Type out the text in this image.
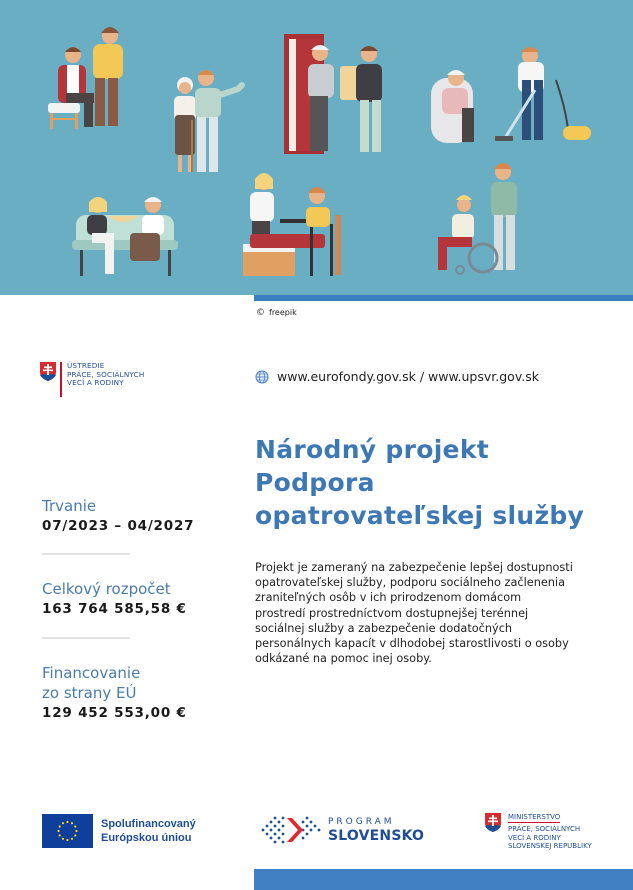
© freepik
ÚSTREDIE
PRÁCE, SOCIÁLNYCH
VECÍ A RODINY	www.eurofondy.gov.sk / www.upsvr.gov.sk
Národný projekt
Podpora
opatrovateľskej služby
Projekt je zameraný na zabezpečenie lepšej dostupnosti opatrovateľskej služby, podporu sociálneho začlenenia zraniteľných osôb v ich prirodzenom domácom prostredí prostredníctvom dostupnejšej terénnej sociálnej služby a zabezpečenie dodatočných personálnych kapacít v dlhodobej starostlivosti o osoby odkázané na pomoc inej osoby.
Trvanie
07/2023 – 04/2027
Celkový rozpočet
163 764 585,58 €
Financovanie
zo strany EÚ
129 452 553,00 €
Spolufinancovaný
Európskou úniou
PROGRAM
SLOVENSKO
MINISTERSTVO
PRÁCE, SOCIÁLNYCH
VECÍ A RODINY
SLOVENSKEJ REPUBLIKY
